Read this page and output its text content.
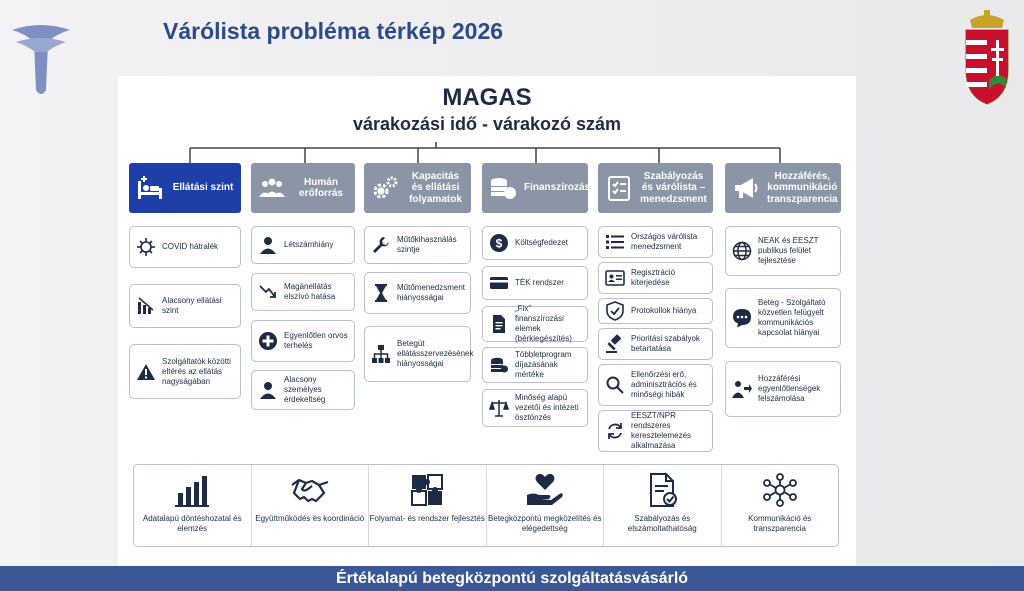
Várólista probléma térkép 2026
MAGAS
várakozási idő - várakozó szám
Ellátási szint
Humán erőforrás
Kapacitás és ellátási folyamatok
Finanszírozás
Szabályozás és várólista – menedzsment
Hozzáférés, kommunikáció transzparencia
COVID hátralék
Alacsony ellátási szint
Szolgáltatók közötti eltérés az ellátás nagyságában
Létszámhiány
Magánellátás elszívó hatása
Egyenlőtlen orvos terhelés
Alacsony személyes érdekeltség
Műtőkihasználás szintje
Műtőmenedzsment hiányosságai
Betegút ellátásszervezésének hiányosságai
$ Költségfedezet
TÉK rendszer
„Fix” finanszírozási elemek (bérkiegészítés)
Többletprogram díjazásának mértéke
Minőség alapú vezetői és intézeti ösztönzés
Országos várólista menedzsment
Regisztráció kiterjedése
Protokollok hiánya
Prioritási szabályok betartatása
Ellenőrzési erő, adminisztrációs és minőségi hibák
EESZT/NPR rendszeres keresztelemezés alkalmazása
NEAK és EESZT publikus felület fejlesztése
Beteg - Szolgáltató közvetlen felügyelt kommunikációs kapcsolat hiányai
Hozzáférési egyenlőtlenségek felszámolása
Adatalapú döntéshozatal és elemzés
Együttműködés és koordináció Folyamat- és rendszer fejlesztés Betegközpontú megközelítés és elégedettség
Szabályozás és elszámoltathatóság
Kommunikáció és transzparencia
Értékalapú betegközpontú szolgáltatásvásárló
